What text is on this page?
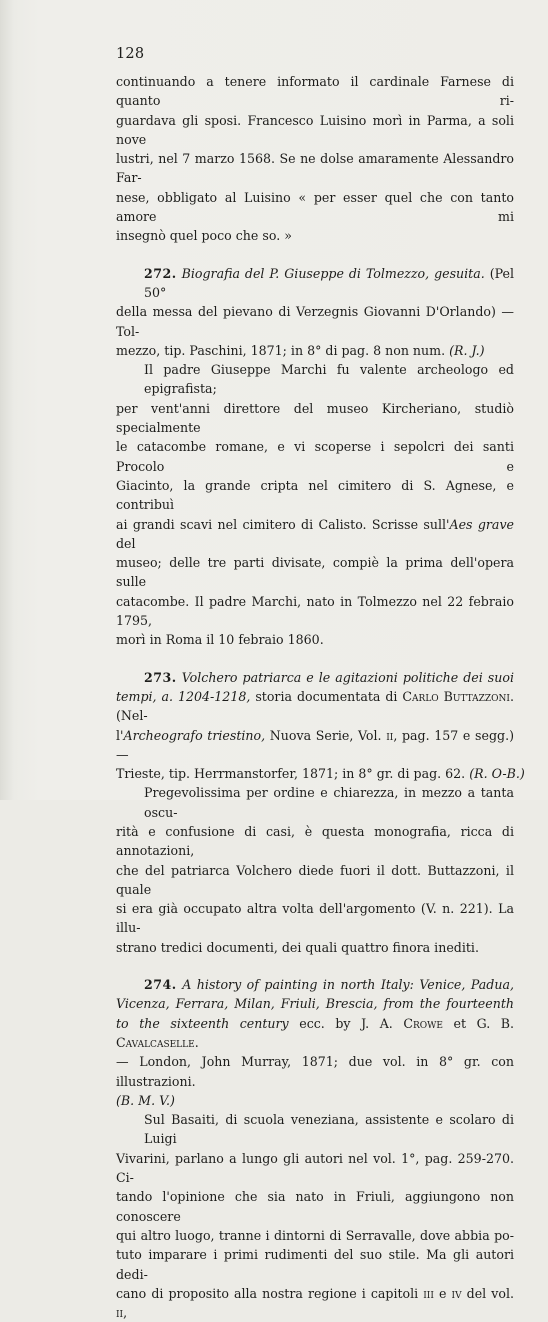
128
continuando a tenere informato il cardinale Farnese di quanto ri-
guardava gli sposi. Francesco Luisino morì in Parma, a soli nove
lustri, nel 7 marzo 1568. Se ne dolse amaramente Alessandro Far-
nese, obbligato al Luisino « per esser quel che con tanto amore mi
insegnò quel poco che so. »
272. Biografia del P. Giuseppe di Tolmezzo, gesuita. (Pel 50°
della messa del pievano di Verzegnis Giovanni D'Orlando) — Tol-
mezzo, tip. Paschini, 1871; in 8° di pag. 8 non num. (R. J.)
Il padre Giuseppe Marchi fu valente archeologo ed epigrafista;
per vent'anni direttore del museo Kircheriano, studiò specialmente
le catacombe romane, e vi scoperse i sepolcri dei santi Procolo e
Giacinto, la grande cripta nel cimitero di S. Agnese, e contribuì
ai grandi scavi nel cimitero di Calisto. Scrisse sull'Aes grave del
museo; delle tre parti divisate, compiè la prima dell'opera sulle
catacombe. Il padre Marchi, nato in Tolmezzo nel 22 febraio 1795,
morì in Roma il 10 febraio 1860.
273. Volchero patriarca e le agitazioni politiche dei suoi
tempi, a. 1204-1218, storia documentata di Carlo Buttazzoni. (Nel-
l'Archeografo triestino, Nuova Serie, Vol. ii, pag. 157 e segg.) —
Trieste, tip. Herrmanstorfer, 1871; in 8° gr. di pag. 62. (R. O-B.)
Pregevolissima per ordine e chiarezza, in mezzo a tanta oscu-
rità e confusione di casi, è questa monografia, ricca di annotazioni,
che del patriarca Volchero diede fuori il dott. Buttazzoni, il quale
si era già occupato altra volta dell'argomento (V. n. 221). La illu-
strano tredici documenti, dei quali quattro finora inediti.
274. A history of painting in north Italy: Venice, Padua,
Vicenza, Ferrara, Milan, Friuli, Brescia, from the fourteenth
to the sixteenth century ecc. by J. A. Crowe et G. B. Cavalcaselle.
— London, John Murray, 1871; due vol. in 8° gr. con illustrazioni.
(B. M. V.)
Sul Basaiti, di scuola veneziana, assistente e scolaro di Luigi
Vivarini, parlano a lungo gli autori nel vol. 1°, pag. 259-270. Ci-
tando l'opinione che sia nato in Friuli, aggiungono non conoscere
qui altro luogo, tranne i dintorni di Serravalle, dove abbia po-
tuto imparare i primi rudimenti del suo stile. Ma gli autori dedi-
cano di proposito alla nostra regione i capitoli iii e iv del vol. ii,
